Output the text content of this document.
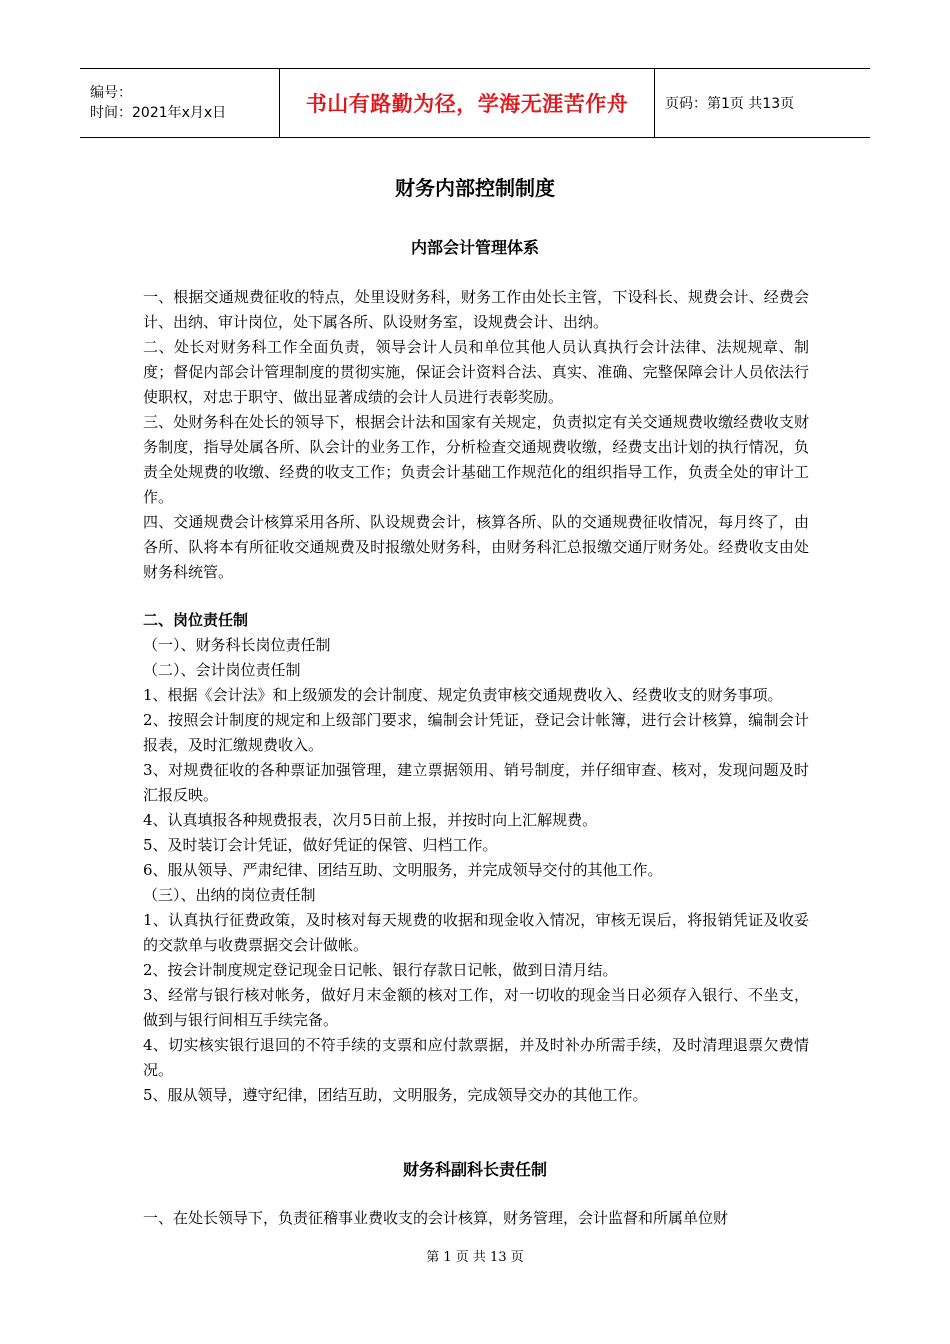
编号：
时间：2021年x月x日	书山有路勤为径，学海无涯苦作舟	页码：第1页 共13页
财务内部控制制度
内部会计管理体系

一、根据交通规费征收的特点，处里设财务科，财务工作由处长主管，下设科长、规费会计、经费会计、出纳、审计岗位，处下属各所、队设财务室，设规费会计、出纳。

二、处长对财务科工作全面负责，领导会计人员和单位其他人员认真执行会计法律、法规规章、制度；督促内部会计管理制度的贯彻实施，保证会计资料合法、真实、准确、完整保障会计人员依法行使职权，对忠于职守、做出显著成绩的会计人员进行表彰奖励。

三、处财务科在处长的领导下，根据会计法和国家有关规定，负责拟定有关交通规费收缴经费收支财务制度，指导处属各所、队会计的业务工作，分析检查交通规费收缴，经费支出计划的执行情况，负责全处规费的收缴、经费的收支工作；负责会计基础工作规范化的组织指导工作，负责全处的审计工作。

四、交通规费会计核算采用各所、队设规费会计，核算各所、队的交通规费征收情况，每月终了，由各所、队将本有所征收交通规费及时报缴处财务科，由财务科汇总报缴交通厅财务处。经费收支由处财务科统管。

二、岗位责任制

（一）、财务科长岗位责任制

（二）、会计岗位责任制

1、根据《会计法》和上级颁发的会计制度、规定负责审核交通规费收入、经费收支的财务事项。

2、按照会计制度的规定和上级部门要求，编制会计凭证，登记会计帐簿，进行会计核算，编制会计报表，及时汇缴规费收入。

3、对规费征收的各种票证加强管理，建立票据领用、销号制度，并仔细审查、核对，发现问题及时汇报反映。

4、认真填报各种规费报表，次月5日前上报，并按时向上汇解规费。

5、及时装订会计凭证，做好凭证的保管、归档工作。

6、服从领导、严肃纪律、团结互助、文明服务，并完成领导交付的其他工作。

（三）、出纳的岗位责任制

1、认真执行征费政策，及时核对每天规费的收据和现金收入情况，审核无误后，将报销凭证及收妥的交款单与收费票据交会计做帐。

2、按会计制度规定登记现金日记帐、银行存款日记帐，做到日清月结。

3、经常与银行核对帐务，做好月末金额的核对工作，对一切收的现金当日必须存入银行、不坐支，做到与银行间相互手续完备。

4、切实核实银行退回的不符手续的支票和应付款票据，并及时补办所需手续，及时清理退票欠费情况。

5、服从领导，遵守纪律，团结互助，文明服务，完成领导交办的其他工作。

财务科副科长责任制

一、在处长领导下，负责征稽事业费收支的会计核算，财务管理，会计监督和所属单位财

第 1 页 共 13 页
